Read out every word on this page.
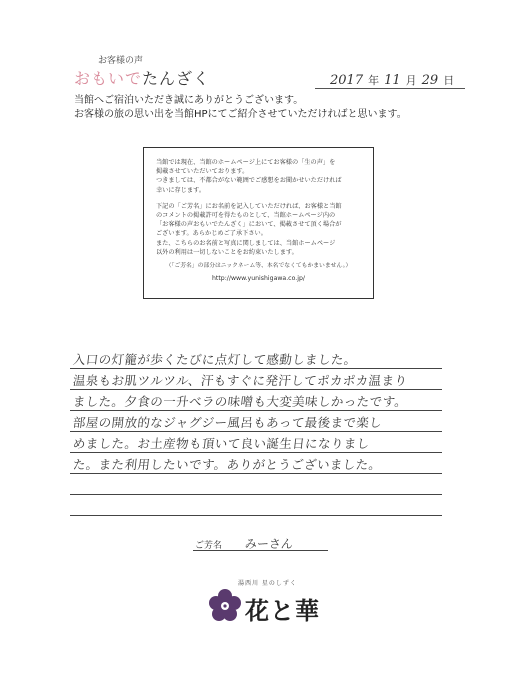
お客様の声
おもいでたんざく	2017 年 11 月 29 日
当館へご宿泊いただき誠にありがとうございます。
お客様の旅の思い出を当館HPにてご紹介させていただければと思います。

当館では現在、当館のホームページ上にてお客様の「生の声」を

掲載させていただいております。

つきましては、不都合がない範囲でご感想をお聞かせいただければ

幸いに存じます。

下記の「ご芳名」にお名前を記入していただければ、お客様と当館

のコメントの掲載許可を得たものとして、当館ホームページ内の

「お客様の声おもいでたんざく」において、掲載させて頂く場合が

ございます。あらかじめご了承下さい。

また、こちらのお名前と写真に関しましては、当館ホームページ

以外の利用は一切しないことをお約束いたします。

（「ご芳名」の部分はニックネーム等、本名でなくてもかまいません。）

http://www.yunishigawa.co.jp/

入口の灯籠が歩くたびに点灯して感動しました。
温泉もお肌ツルツル、汗もすぐに発汗してポカポカ温まり
ました。夕食の一升べラの味噌も大変美味しかったです。
部屋の開放的なジャグジー風呂もあって最後まで楽し
めました。お土産物も頂いて良い誕生日になりまし
た。また利用したいです。ありがとうございました。
ご芳名 みーさん
湯西川 星のしずく
花と華
